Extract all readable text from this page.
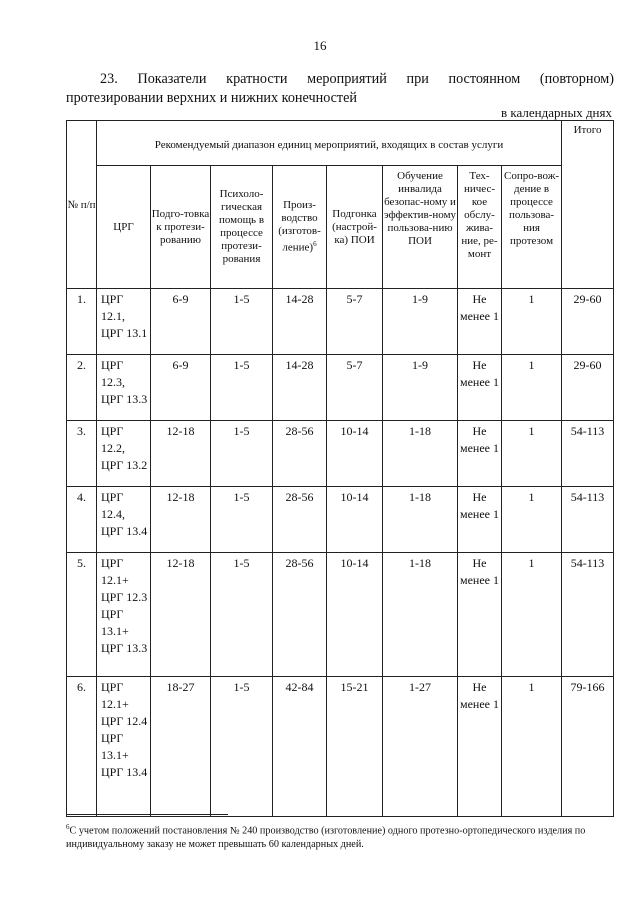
16
23. Показатели кратности мероприятий при постоянном (повторном)
протезировании верхних и нижних конечностей
в календарных днях
№ п/п	Рекомендуемый диапазон единиц мероприятий, входящих в состав услуги								Итого
	ЦРГ	Подго-товка к протези-рованию	Психоло-гическая помощь в процессе протези-рования	Произ-водство (изготов-ление)$^6$	Подгонка (настрой-ка) ПОИ	Обучение инвалида безопас-ному и эффектив-ному пользова-нию ПОИ	Тех-ничес-кое обслу-жива-ние, ре-монт	Сопро-вож-дение в процессе пользова-ния протезом	
1.	ЦРГ 12.1, ЦРГ 13.1	6-9	1-5	14-28	5-7	1-9	Не менее 1	1	29-60
2.	ЦРГ 12.3, ЦРГ 13.3	6-9	1-5	14-28	5-7	1-9	Не менее 1	1	29-60
3.	ЦРГ 12.2, ЦРГ 13.2	12-18	1-5	28-56	10-14	1-18	Не менее 1	1	54-113
4.	ЦРГ 12.4, ЦРГ 13.4	12-18	1-5	28-56	10-14	1-18	Не менее 1	1	54-113
5.	ЦРГ 12.1+ ЦРГ 12.3 ЦРГ 13.1+ ЦРГ 13.3	12-18	1-5	28-56	10-14	1-18	Не менее 1	1	54-113
6.	ЦРГ 12.1+ ЦРГ 12.4 ЦРГ 13.1+ ЦРГ 13.4	18-27	1-5	42-84	15-21	1-27	Не менее 1	1	79-166
$^6$С учетом положений постановления № 240 производство (изготовление) одного протезно-ортопедического изделия по индивидуальному заказу не может превышать 60 календарных дней.
